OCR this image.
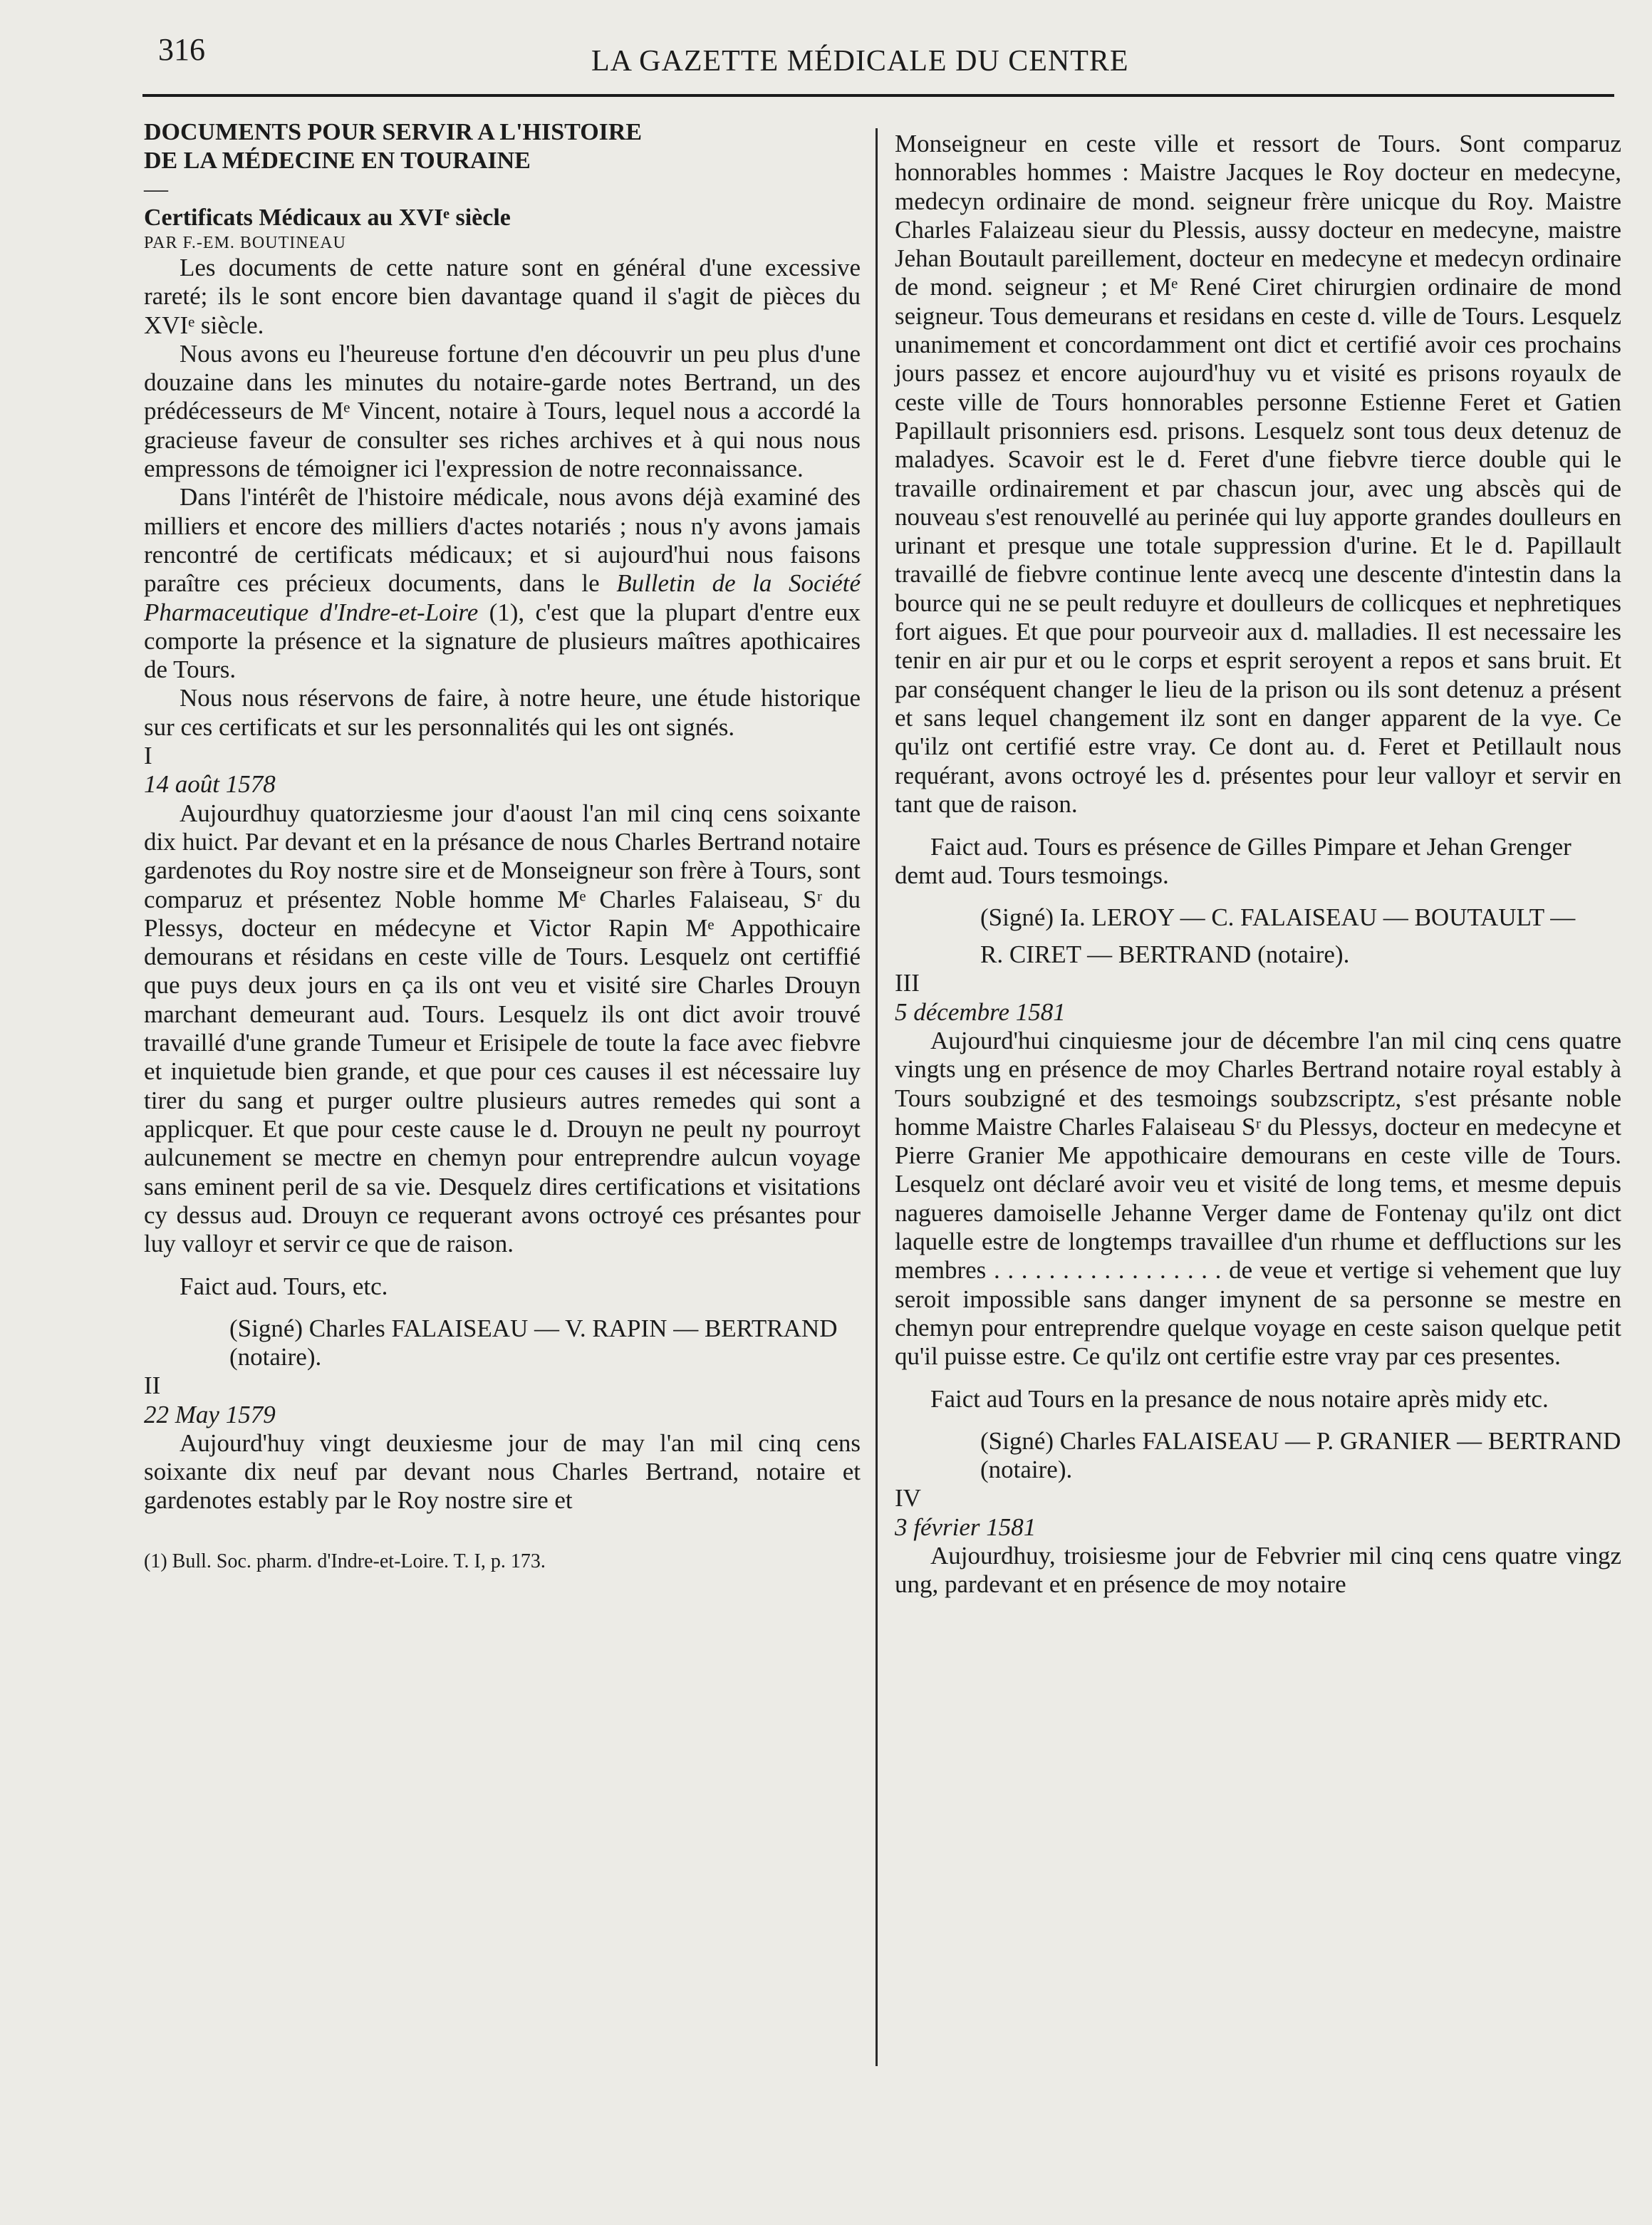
316	LA GAZETTE MÉDICALE DU CENTRE

DOCUMENTS POUR SERVIR A L'HISTOIRE

DE LA MÉDECINE EN TOURAINE

—

Certificats Médicaux au XVIᵉ siècle

PAR F.-EM. BOUTINEAU

Les documents de cette nature sont en général d'une excessive rareté; ils le sont encore bien davantage quand il s'agit de pièces du XVIᵉ siècle.

Nous avons eu l'heureuse fortune d'en découvrir un peu plus d'une douzaine dans les minutes du notaire-garde notes Bertrand, un des prédécesseurs de Mᵉ Vincent, notaire à Tours, lequel nous a accordé la gracieuse faveur de consulter ses riches archives et à qui nous nous empressons de témoigner ici l'expression de notre reconnaissance.

Dans l'intérêt de l'histoire médicale, nous avons déjà examiné des milliers et encore des milliers d'actes notariés ; nous n'y avons jamais rencontré de certificats médicaux; et si aujourd'hui nous faisons paraître ces précieux documents, dans le Bulletin de la Société Pharmaceutique d'Indre-et-Loire (1), c'est que la plupart d'entre eux comporte la présence et la signature de plusieurs maîtres apothicaires de Tours.

Nous nous réservons de faire, à notre heure, une étude historique sur ces certificats et sur les personnalités qui les ont signés.

I

14 août 1578

Aujourdhuy quatorziesme jour d'aoust l'an mil cinq cens soixante dix huict. Par devant et en la présance de nous Charles Bertrand notaire gardenotes du Roy nostre sire et de Monseigneur son frère à Tours, sont comparuz et présentez Noble homme Mᵉ Charles Falaiseau, Sʳ du Plessys, docteur en médecyne et Victor Rapin Mᵉ Appothicaire demourans et résidans en ceste ville de Tours. Lesquelz ont certiffié que puys deux jours en ça ils ont veu et visité sire Charles Drouyn marchant demeurant aud. Tours. Lesquelz ils ont dict avoir trouvé travaillé d'une grande Tumeur et Erisipele de toute la face avec fiebvre et inquietude bien grande, et que pour ces causes il est nécessaire luy tirer du sang et purger oultre plusieurs autres remedes qui sont a applicquer. Et que pour ceste cause le d. Drouyn ne peult ny pourroyt aulcunement se mectre en chemyn pour entreprendre aulcun voyage sans eminent peril de sa vie. Desquelz dires certifications et visitations cy dessus aud. Drouyn ce requerant avons octroyé ces présantes pour luy valloyr et servir ce que de raison.

Faict aud. Tours, etc.

(Signé) Charles FALAISEAU — V. RAPIN — BERTRAND (notaire).

II

22 May 1579

Aujourd'huy vingt deuxiesme jour de may l'an mil cinq cens soixante dix neuf par devant nous Charles Bertrand, notaire et gardenotes estably par le Roy nostre sire et

(1) Bull. Soc. pharm. d'Indre-et-Loire. T. I, p. 173.

Monseigneur en ceste ville et ressort de Tours. Sont comparuz honnorables hommes : Maistre Jacques le Roy docteur en medecyne, medecyn ordinaire de mond. seigneur frère unicque du Roy. Maistre Charles Falaizeau sieur du Plessis, aussy docteur en medecyne, maistre Jehan Boutault pareillement, docteur en medecyne et medecyn ordinaire de mond. seigneur ; et Mᵉ René Ciret chirurgien ordinaire de mond seigneur. Tous demeurans et residans en ceste d. ville de Tours. Lesquelz unanimement et concordamment ont dict et certifié avoir ces prochains jours passez et encore aujourd'huy vu et visité es prisons royaulx de ceste ville de Tours honnorables personne Estienne Feret et Gatien Papillault prisonniers esd. prisons. Lesquelz sont tous deux detenuz de maladyes. Scavoir est le d. Feret d'une fiebvre tierce double qui le travaille ordinairement et par chascun jour, avec ung abscès qui de nouveau s'est renouvellé au perinée qui luy apporte grandes doulleurs en urinant et presque une totale suppression d'urine. Et le d. Papillault travaillé de fiebvre continue lente avecq une descente d'intestin dans la bource qui ne se peult reduyre et doulleurs de collicques et nephretiques fort aigues. Et que pour pourveoir aux d. malladies. Il est necessaire les tenir en air pur et ou le corps et esprit seroyent a repos et sans bruit. Et par conséquent changer le lieu de la prison ou ils sont detenuz a présent et sans lequel changement ilz sont en danger apparent de la vye. Ce qu'ilz ont certifié estre vray. Ce dont au. d. Feret et Petillault nous requérant, avons octroyé les d. présentes pour leur valloyr et servir en tant que de raison.

Faict aud. Tours es présence de Gilles Pimpare et Jehan Grenger demt aud. Tours tesmoings.

(Signé) Ia. LEROY — C. FALAISEAU — BOUTAULT —

R. CIRET — BERTRAND (notaire).

III

5 décembre 1581

Aujourd'hui cinquiesme jour de décembre l'an mil cinq cens quatre vingts ung en présence de moy Charles Bertrand notaire royal estably à Tours soubzigné et des tesmoings soubzscriptz, s'est présante noble homme Maistre Charles Falaiseau Sʳ du Plessys, docteur en medecyne et Pierre Granier Me appothicaire demourans en ceste ville de Tours. Lesquelz ont déclaré avoir veu et visité de long tems, et mesme depuis nagueres damoiselle Jehanne Verger dame de Fontenay qu'ilz ont dict laquelle estre de longtemps travaillee d'un rhume et deffluctions sur les membres . . . . . . . . . . . . . . . . . de veue et vertige si vehement que luy seroit impossible sans danger imynent de sa personne se mestre en chemyn pour entreprendre quelque voyage en ceste saison quelque petit qu'il puisse estre. Ce qu'ilz ont certifie estre vray par ces presentes.

Faict aud Tours en la presance de nous notaire après midy etc.

(Signé) Charles FALAISEAU — P. GRANIER — BERTRAND (notaire).

IV

3 février 1581

Aujourdhuy, troisiesme jour de Febvrier mil cinq cens quatre vingz ung, pardevant et en présence de moy notaire
